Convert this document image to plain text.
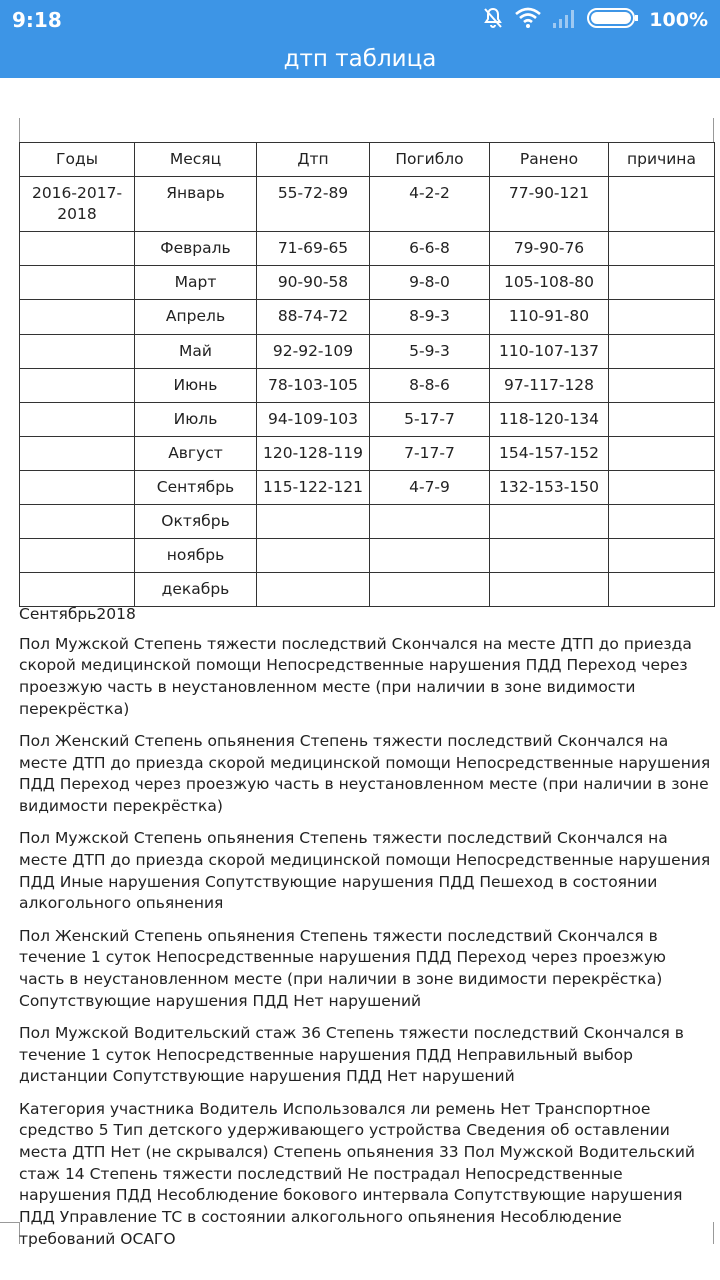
9:18	100%
дтп таблица
Годы	Месяц	Дтп	Погибло	Ранено	причина
2016-2017-2018	Январь	55-72-89	4-2-2	77-90-121	
	Февраль	71-69-65	6-6-8	79-90-76	
	Март	90-90-58	9-8-0	105-108-80	
	Апрель	88-74-72	8-9-3	110-91-80	
	Май	92-92-109	5-9-3	110-107-137	
	Июнь	78-103-105	8-8-6	97-117-128	
	Июль	94-109-103	5-17-7	118-120-134	
	Август	120-128-119	7-17-7	154-157-152	
	Сентябрь	115-122-121	4-7-9	132-153-150	
	Октябрь				
	ноябрь				
	декабрь				

Сентябрь2018

Пол Мужской Степень тяжести последствий Скончался на месте ДТП до приезда скорой медицинской помощи Непосредственные нарушения ПДД Переход через проезжую часть в неустановленном месте (при наличии в зоне видимости перекрёстка)

Пол Женский Степень опьянения Степень тяжести последствий Скончался на месте ДТП до приезда скорой медицинской помощи Непосредственные нарушения ПДД Переход через проезжую часть в неустановленном месте (при наличии в зоне видимости перекрёстка)

Пол Мужской Степень опьянения Степень тяжести последствий Скончался на месте ДТП до приезда скорой медицинской помощи Непосредственные нарушения ПДД Иные нарушения Сопутствующие нарушения ПДД Пешеход в состоянии алкогольного опьянения

Пол Женский Степень опьянения Степень тяжести последствий Скончался в течение 1 суток Непосредственные нарушения ПДД Переход через проезжую часть в неустановленном месте (при наличии в зоне видимости перекрёстка) Сопутствующие нарушения ПДД Нет нарушений

Пол Мужской Водительский стаж 36 Степень тяжести последствий Скончался в течение 1 суток Непосредственные нарушения ПДД Неправильный выбор дистанции Сопутствующие нарушения ПДД Нет нарушений

Категория участника Водитель Использовался ли ремень Нет Транспортное средство 5 Тип детского удерживающего устройства Сведения об оставлении места ДТП Нет (не скрывался) Степень опьянения 33 Пол Мужской Водительский стаж 14 Степень тяжести последствий Не пострадал Непосредственные нарушения ПДД Несоблюдение бокового интервала Сопутствующие нарушения ПДД Управление ТС в состоянии алкогольного опьянения Несоблюдение требований ОСАГО
